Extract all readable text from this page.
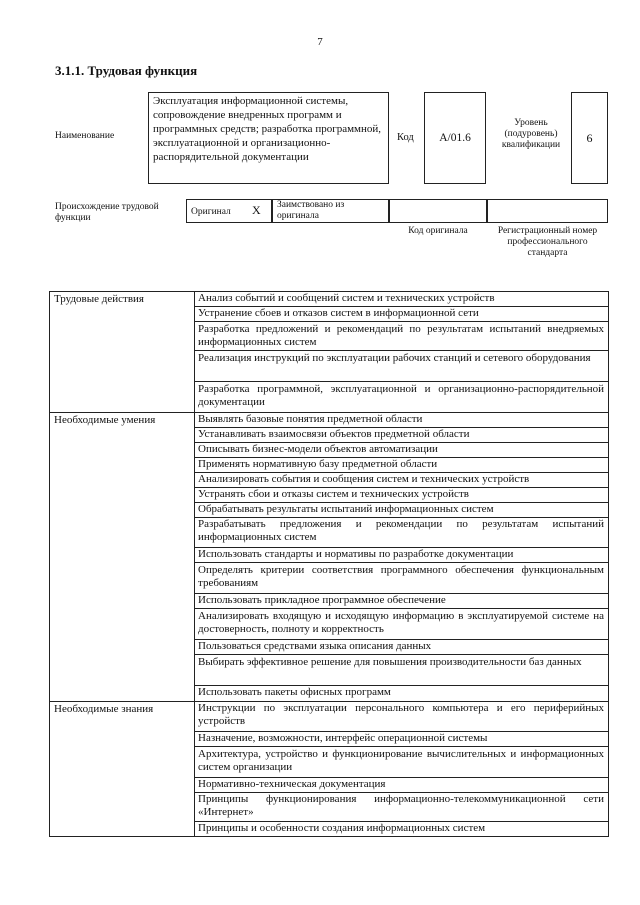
7
3.1.1. Трудовая функция
Наименование
Эксплуатация информационной системы, сопровождение внедренных программ и программных средств; разработка программной, эксплуатационной и организационно-распорядительной документации
Код	A/01.6
Уровень (подуровень) квалификации
6
Происхождение трудовой функции
Оригинал X Заимствовано из оригинала
Код оригинала	Регистрационный номер профессионального стандарта
Трудовые действия
Необходимые умения
Необходимые знания
Анализ событий и сообщений систем и технических устройств
Устранение сбоев и отказов систем в информационной сети
Разработка предложений и рекомендаций по результатам испытаний внедряемых информационных систем
Реализация инструкций по эксплуатации рабочих станций и сетевого оборудования
Разработка программной, эксплуатационной и организационно-распорядительной документации
Выявлять базовые понятия предметной области
Устанавливать взаимосвязи объектов предметной области
Описывать бизнес-модели объектов автоматизации
Применять нормативную базу предметной области
Анализировать события и сообщения систем и технических устройств
Устранять сбои и отказы систем и технических устройств
Обрабатывать результаты испытаний информационных систем
Разрабатывать предложения и рекомендации по результатам испытаний информационных систем
Использовать стандарты и нормативы по разработке документации
Определять критерии соответствия программного обеспечения функциональным требованиям
Использовать прикладное программное обеспечение
Анализировать входящую и исходящую информацию в эксплуатируемой системе на достоверность, полноту и корректность
Пользоваться средствами языка описания данных
Выбирать эффективное решение для повышения производительности баз данных
Использовать пакеты офисных программ
Инструкции по эксплуатации персонального компьютера и его периферийных устройств
Назначение, возможности, интерфейс операционной системы
Архитектура, устройство и функционирование вычислительных и информационных систем организации
Нормативно-техническая документация
Принципы функционирования информационно-телекоммуникационной сети «Интернет»
Принципы и особенности создания информационных систем
